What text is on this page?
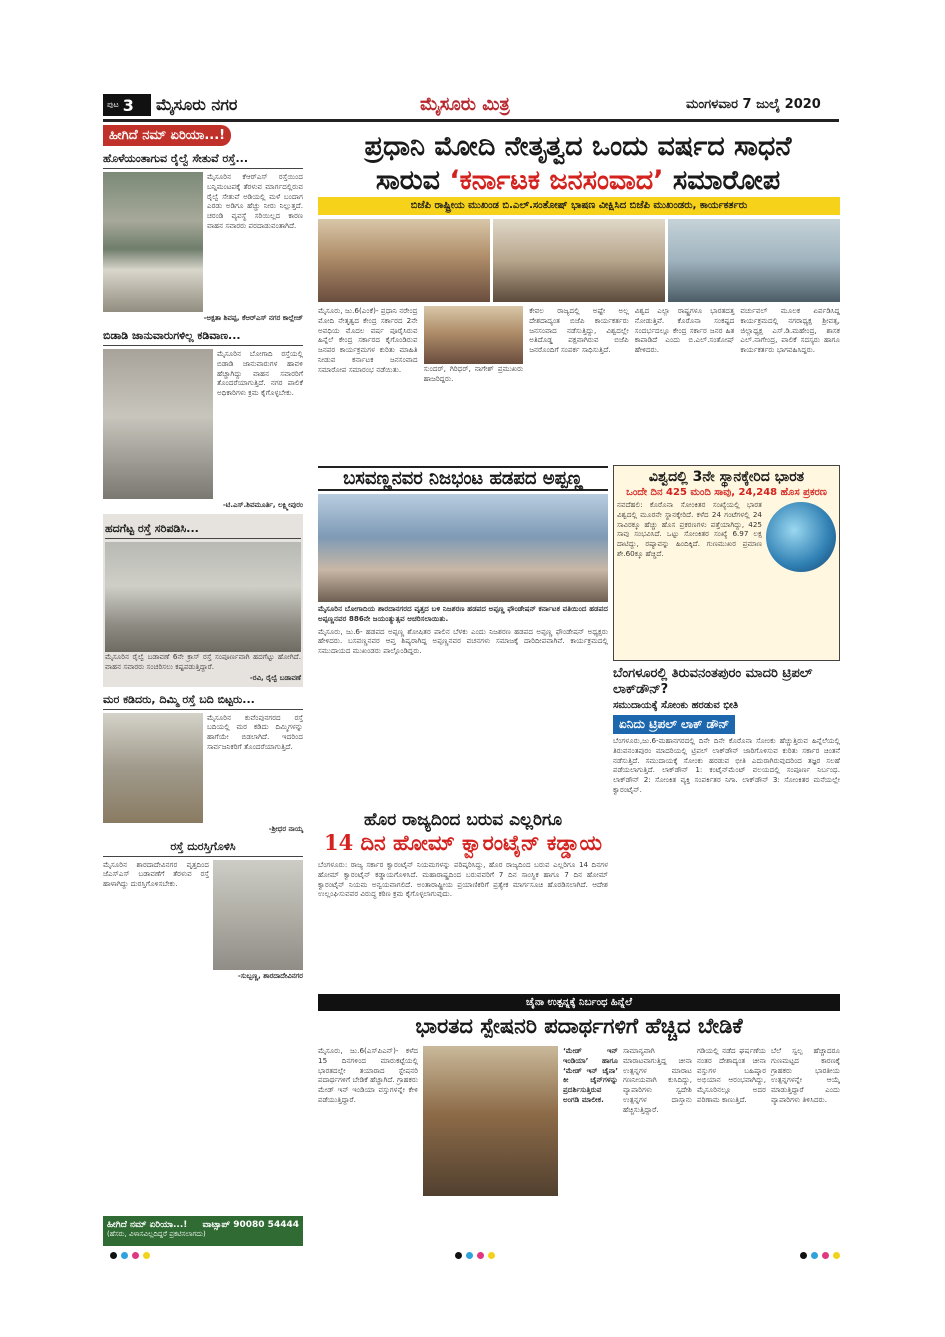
ಪುಟ 3 ಮೈಸೂರು ನಗರ	ಮೈಸೂರು ಮಿತ್ರ	ಮಂಗಳವಾರ 7 ಜುಲೈ 2020
ಹೀಗಿದೆ ನಮ್ ಏರಿಯಾ...!
ಹೊಳೆಯಂತಾಗುವ ರೈಲ್ವೆ ಸೇತುವೆ ರಸ್ತೆ...
ಮೈಸೂರಿನ ಕೆಆರ್‌ಎಸ್ ರಸ್ತೆಯಿಂದ ಬನ್ನಿಮಂಟಪಕ್ಕೆ ತೆರಳುವ ಮಾರ್ಗದಲ್ಲಿರುವ ರೈಲ್ವೆ ಸೇತುವೆ ಅಡಿಯಲ್ಲಿ ಮಳೆ ಬಂದಾಗ ಎರಡು ಅಡಿಗೂ ಹೆಚ್ಚು ನೀರು ನಿಲ್ಲುತ್ತದೆ. ಚರಂಡಿ ವ್ಯವಸ್ಥೆ ಸರಿಯಿಲ್ಲದ ಕಾರಣ ವಾಹನ ಸವಾರರು ಪರದಾಡುವಂತಾಗಿದೆ.
-ಅಕ್ಷತಾ ಶಿವಪ್ಪ, ಕೆಆರ್‌ಎಸ್ ನಗರ ಕಾಲ್ಲೇಜ್
ಬಿಡಾಡಿ ಜಾನುವಾರುಗಳಿಲ್ಲ ಕಡಿವಾಣ...
ಮೈಸೂರಿನ ಬೋಗಾದಿ ರಸ್ತೆಯಲ್ಲಿ ಬಿಡಾಡಿ ಜಾನುವಾರುಗಳ ಹಾವಳಿ ಹೆಚ್ಚಾಗಿದ್ದು ವಾಹನ ಸವಾರರಿಗೆ ತೊಂದರೆಯಾಗುತ್ತಿದೆ. ನಗರ ಪಾಲಿಕೆ ಅಧಿಕಾರಿಗಳು ಕ್ರಮ ಕೈಗೊಳ್ಳಬೇಕು.
-ಟಿ.ಎಸ್.ಶಿವಮೂರ್ತಿ, ಲಕ್ಷ್ಮೀಪುರಂ
ಹದಗೆಟ್ಟ ರಸ್ತೆ ಸರಿಪಡಿಸಿ...
ಮೈಸೂರಿನ ರೈಲ್ವೆ ಬಡಾವಣೆ 6ನೇ ಕ್ರಾಸ್ ರಸ್ತೆ ಸಂಪೂರ್ಣವಾಗಿ ಹದಗೆಟ್ಟು ಹೋಗಿದೆ. ವಾಹನ ಸವಾರರು ಸಂಚರಿಸಲು ಕಷ್ಟಪಡುತ್ತಿದ್ದಾರೆ.
-ರವಿ, ರೈಲ್ವೆ ಬಡಾವಣೆ
ಮರ ಕಡಿದರು, ದಿಮ್ಮಿ ರಸ್ತೆ ಬದಿ ಬಿಟ್ಟರು...
ಮೈಸೂರಿನ ಕುವೆಂಪುನಗರದ ರಸ್ತೆ ಬದಿಯಲ್ಲಿ ಮರ ಕಡಿದು ದಿಮ್ಮಿಗಳನ್ನು ಹಾಗೆಯೇ ಬಿಡಲಾಗಿದೆ. ಇದರಿಂದ ಸಾರ್ವಜನಿಕರಿಗೆ ತೊಂದರೆಯಾಗುತ್ತಿದೆ.
-ಶ್ರೀಧರ ನಾಯ್ಕ
ರಸ್ತೆ ದುರಸ್ತಿಗೊಳಿಸಿ
ಮೈಸೂರಿನ ಶಾರದಾದೇವಿನಗರ ವೃತ್ತದಿಂದ ಜೆಎಸ್‌ಎಸ್ ಬಡಾವಣೆಗೆ ತೆರಳುವ ರಸ್ತೆ ಹಾಳಾಗಿದ್ದು ದುರಸ್ತಿಗೊಳಿಸಬೇಕು.
-ಸುಬ್ಬಣ್ಣ, ಶಾರದಾದೇವಿನಗರ
ಹೀಗಿದೆ ನಮ್ ಏರಿಯಾ...! ವಾಟ್ಸಾಪ್ 90080 54444
(ಹೆಸರು, ವಿಳಾಸವಿಲ್ಲದಿದ್ದರೆ ಪ್ರಕಟಿಸಲಾಗದು)
ಪ್ರಧಾನಿ ಮೋದಿ ನೇತೃತ್ವದ ಒಂದು ವರ್ಷದ ಸಾಧನೆ
ಸಾರುವ ‘ಕರ್ನಾಟಕ ಜನಸಂವಾದ’ ಸಮಾರೋಪ
ಬಿಜೆಪಿ ರಾಷ್ಟ್ರೀಯ ಮುಖಂಡ ಬಿ.ಎಲ್.ಸಂತೋಷ್ ಭಾಷಣ ವೀಕ್ಷಿಸಿದ ಬಿಜೆಪಿ ಮುಖಂಡರು, ಕಾರ್ಯಕರ್ತರು
ಮೈಸೂರು, ಜು.6(ಎಂಕೆ)- ಪ್ರಧಾನಿ ನರೇಂದ್ರ ಮೋದಿ ನೇತೃತ್ವದ ಕೇಂದ್ರ ಸರ್ಕಾರದ 2ನೇ ಅವಧಿಯ ಮೊದಲ ವರ್ಷ ಪೂರೈಸಿರುವ ಹಿನ್ನೆಲೆ ಕೇಂದ್ರ ಸರ್ಕಾರದ ಕೈಗೊಂಡಿರುವ ಜನಪರ ಕಾರ್ಯಕ್ರಮಗಳ ಕುರಿತು ಮಾಹಿತಿ ನೀಡುವ ಕರ್ನಾಟಕ ಜನಸಂವಾದ ಸಮಾರೋಪ ಸಮಾರಂಭ ನಡೆಯಿತು.	ಸುಂದರ್, ಗಿರಿಧರ್, ನಾಗೇಶ್ ಪ್ರಮುಖರು ಹಾಜರಿದ್ದರು.
ಕೇವಲ ರಾಜ್ಯದಲ್ಲಿ ಅಷ್ಟೇ ಅಲ್ಲ ದೇಶದಾದ್ಯಂತ ಬಿಜೆಪಿ ಕಾರ್ಯಕರ್ತರು ಜನಸಂವಾದ ನಡೆಸುತ್ತಿದ್ದು, ವಿಶ್ವದಲ್ಲೇ ಅತಿದೊಡ್ಡ ಪಕ್ಷವಾಗಿರುವ ಬಿಜೆಪಿ ಜನರೊಂದಿಗೆ ಸಂಪರ್ಕ ಸಾಧಿಸುತ್ತಿದೆ.
ವಿಶ್ವದ ಎಲ್ಲಾ ರಾಷ್ಟ್ರಗಳೂ ಭಾರತದತ್ತ ನೋಡುತ್ತಿವೆ. ಕೊರೊನಾ ಸಂಕಷ್ಟದ ಸಂದರ್ಭದಲ್ಲೂ ಕೇಂದ್ರ ಸರ್ಕಾರ ಜನರ ಹಿತ ಕಾಪಾಡಿದೆ ಎಂದು ಬಿ.ಎಲ್.ಸಂತೋಷ್ ಹೇಳಿದರು.
ವರ್ಚುವಲ್ ಮೂಲಕ ಏರ್ಪಡಿಸಿದ್ದ ಕಾರ್ಯಕ್ರಮದಲ್ಲಿ ನಗರಾಧ್ಯಕ್ಷ ಶ್ರೀವತ್ಸ, ಜಿಲ್ಲಾಧ್ಯಕ್ಷ ಎಸ್.ಡಿ.ಮಹೇಂದ್ರ, ಶಾಸಕ ಎಲ್.ನಾಗೇಂದ್ರ, ಪಾಲಿಕೆ ಸದಸ್ಯರು ಹಾಗೂ ಕಾರ್ಯಕರ್ತರು ಭಾಗವಹಿಸಿದ್ದರು.
ಬಸವಣ್ಣನವರ ನಿಜಭಂಟ ಹಡಪದ ಅಪ್ಪಣ್ಣ
ಮೈಸೂರಿನ ಬೋಗಾದಿಯ ಶಾರದಾನಗರದ ವೃತ್ತದ ಬಳಿ ನಿಜಶರಣ ಹಡಪದ ಅಪ್ಪಣ್ಣ ಫೌಂಡೇಷನ್ ಕರ್ನಾಟಕ ವತಿಯಿಂದ ಹಡಪದ ಅಪ್ಪಣ್ಣನವರ 886ನೇ ಜಯಂತ್ಯುತ್ಸವ ಆಚರಿಸಲಾಯಿತು.
ಮೈಸೂರು, ಜು.6- ಹಡಪದ ಅಪ್ಪಣ್ಣ ಶೋಷಿತರ ಪಾಲಿನ ಬೆಳಕು ಎಂದು ನಿಜಶರಣ ಹಡಪದ ಅಪ್ಪಣ್ಣ ಫೌಂಡೇಷನ್ ಅಧ್ಯಕ್ಷರು ಹೇಳಿದರು. ಬಸವಣ್ಣನವರ ಆಪ್ತ ಶಿಷ್ಯರಾಗಿದ್ದ ಅಪ್ಪಣ್ಣನವರ ವಚನಗಳು ಸಮಾಜಕ್ಕೆ ದಾರಿದೀಪವಾಗಿವೆ. ಕಾರ್ಯಕ್ರಮದಲ್ಲಿ ಸಮುದಾಯದ ಮುಖಂಡರು ಪಾಲ್ಗೊಂಡಿದ್ದರು.
ವಿಶ್ವದಲ್ಲಿ 3ನೇ ಸ್ಥಾನಕ್ಕೇರಿದ ಭಾರತ
ಒಂದೇ ದಿನ 425 ಮಂದಿ ಸಾವು, 24,248 ಹೊಸ ಪ್ರಕರಣ
ನವದೆಹಲಿ: ಕೊರೊನಾ ಸೋಂಕಿತರ ಸಂಖ್ಯೆಯಲ್ಲಿ ಭಾರತ ವಿಶ್ವದಲ್ಲಿ ಮೂರನೇ ಸ್ಥಾನಕ್ಕೇರಿದೆ. ಕಳೆದ 24 ಗಂಟೆಗಳಲ್ಲಿ 24 ಸಾವಿರಕ್ಕೂ ಹೆಚ್ಚು ಹೊಸ ಪ್ರಕರಣಗಳು ಪತ್ತೆಯಾಗಿದ್ದು, 425 ಸಾವು ಸಂಭವಿಸಿದೆ. ಒಟ್ಟು ಸೋಂಕಿತರ ಸಂಖ್ಯೆ 6.97 ಲಕ್ಷ ದಾಟಿದ್ದು, ರಷ್ಯಾವನ್ನು ಹಿಂದಿಕ್ಕಿದೆ. ಗುಣಮುಖರ ಪ್ರಮಾಣ ಶೇ.60ಕ್ಕೂ ಹೆಚ್ಚಿದೆ.
ಬೆಂಗಳೂರಲ್ಲಿ ತಿರುವನಂತಪುರಂ ಮಾದರಿ ಟ್ರಿಪಲ್ ಲಾಕ್‌ಡೌನ್?
ಸಮುದಾಯಕ್ಕೆ ಸೋಂಕು ಹರಡುವ ಭೀತಿ
ಏನಿದು ಟ್ರಿಪಲ್ ಲಾಕ್ ಡೌನ್
ಬೆಂಗಳೂರು,ಜು.6-ಮಹಾನಗರದಲ್ಲಿ ದಿನೇ ದಿನೇ ಕೊರೊನಾ ಸೋಂಕು ಹೆಚ್ಚುತ್ತಿರುವ ಹಿನ್ನೆಲೆಯಲ್ಲಿ ತಿರುವನಂತಪುರಂ ಮಾದರಿಯಲ್ಲಿ ಟ್ರಿಪಲ್ ಲಾಕ್‌ಡೌನ್ ಜಾರಿಗೊಳಿಸುವ ಕುರಿತು ಸರ್ಕಾರ ಚಿಂತನೆ ನಡೆಸುತ್ತಿದೆ. ಸಮುದಾಯಕ್ಕೆ ಸೋಂಕು ಹರಡುವ ಭೀತಿ ಎದುರಾಗಿರುವುದರಿಂದ ತಜ್ಞರ ಸಲಹೆ ಪಡೆಯಲಾಗುತ್ತಿದೆ. ಲಾಕ್‌ಡೌನ್ 1: ಕಂಟೈನ್‌ಮೆಂಟ್ ವಲಯದಲ್ಲಿ ಸಂಪೂರ್ಣ ನಿರ್ಬಂಧ. ಲಾಕ್‌ಡೌನ್ 2: ಸೋಂಕಿತ ವ್ಯಕ್ತಿ ಸಂಪರ್ಕಿತರ ನಿಗಾ. ಲಾಕ್‌ಡೌನ್ 3: ಸೋಂಕಿತರ ಮನೆಯಲ್ಲೇ ಕ್ವಾರಂಟೈನ್.
ಹೊರ ರಾಜ್ಯದಿಂದ ಬರುವ ಎಲ್ಲರಿಗೂ
14 ದಿನ ಹೋಮ್ ಕ್ವಾರಂಟೈನ್ ಕಡ್ಡಾಯ
ಬೆಂಗಳೂರು: ರಾಜ್ಯ ಸರ್ಕಾರ ಕ್ವಾರಂಟೈನ್ ನಿಯಮಗಳನ್ನು ಪರಿಷ್ಕರಿಸಿದ್ದು, ಹೊರ ರಾಜ್ಯದಿಂದ ಬರುವ ಎಲ್ಲರಿಗೂ 14 ದಿನಗಳ ಹೋಮ್ ಕ್ವಾರಂಟೈನ್ ಕಡ್ಡಾಯಗೊಳಿಸಿದೆ. ಮಹಾರಾಷ್ಟ್ರದಿಂದ ಬರುವವರಿಗೆ 7 ದಿನ ಸಾಂಸ್ಥಿಕ ಹಾಗೂ 7 ದಿನ ಹೋಮ್ ಕ್ವಾರಂಟೈನ್ ನಿಯಮ ಅನ್ವಯವಾಗಲಿದೆ. ಅಂತಾರಾಷ್ಟ್ರೀಯ ಪ್ರಯಾಣಿಕರಿಗೆ ಪ್ರತ್ಯೇಕ ಮಾರ್ಗಸೂಚಿ ಹೊರಡಿಸಲಾಗಿದೆ. ಆದೇಶ ಉಲ್ಲಂಘಿಸುವವರ ವಿರುದ್ಧ ಕಠಿಣ ಕ್ರಮ ಕೈಗೊಳ್ಳಲಾಗುವುದು.
ಚೈನಾ ಉತ್ಪನ್ನಕ್ಕೆ ನಿರ್ಬಂಧ ಹಿನ್ನೆಲೆ
ಭಾರತದ ಸ್ಪೇಷನರಿ ಪದಾರ್ಥಗಳಿಗೆ ಹೆಚ್ಚಿದ ಬೇಡಿಕೆ
ಮೈಸೂರು, ಜು.6(ಎಸ್‌ಪಿಎನ್)- ಕಳೆದ 15 ದಿನಗಳಿಂದ ಮಾರುಕಟ್ಟೆಯಲ್ಲಿ ಭಾರತದಲ್ಲೇ ತಯಾರಾದ ಸ್ಟೇಷನರಿ ಪದಾರ್ಥಗಳಿಗೆ ಬೇಡಿಕೆ ಹೆಚ್ಚಾಗಿದೆ. ಗ್ರಾಹಕರು ಮೇಡ್ ಇನ್ ಇಂಡಿಯಾ ವಸ್ತುಗಳನ್ನೇ ಕೇಳಿ ಪಡೆಯುತ್ತಿದ್ದಾರೆ.
‘ಮೇಡ್ ಇನ್ ಇಂಡಿಯಾ’ ಹಾಗೂ ‘ಮೇಡ್ ಇನ್ ಚೈನಾ’ ಕೀ ಚೈನ್‌ಗಳನ್ನು ಪ್ರದರ್ಶಿಸುತ್ತಿರುವ ಅಂಗಡಿ ಮಾಲೀಕ.
ಸಾಮಾನ್ಯವಾಗಿ ಮಾರಾಟವಾಗುತ್ತಿದ್ದ ಚೀನಾ ಉತ್ಪನ್ನಗಳ ಮಾರಾಟ ಗಣನೀಯವಾಗಿ ಕುಸಿದಿದ್ದು, ವ್ಯಾಪಾರಿಗಳು ಸ್ವದೇಶಿ ಉತ್ಪನ್ನಗಳ ದಾಸ್ತಾನು ಹೆಚ್ಚಿಸುತ್ತಿದ್ದಾರೆ.
ಗಡಿಯಲ್ಲಿ ನಡೆದ ಘರ್ಷಣೆಯ ನಂತರ ದೇಶಾದ್ಯಂತ ಚೀನಾ ವಸ್ತುಗಳ ಬಹಿಷ್ಕಾರ ಅಭಿಯಾನ ಆರಂಭವಾಗಿದ್ದು, ಮೈಸೂರಿನಲ್ಲೂ ಅದರ ಪರಿಣಾಮ ಕಾಣುತ್ತಿದೆ.
ಬೆಲೆ ಸ್ವಲ್ಪ ಹೆಚ್ಚಾದರೂ ಗುಣಮಟ್ಟದ ಕಾರಣಕ್ಕೆ ಗ್ರಾಹಕರು ಭಾರತೀಯ ಉತ್ಪನ್ನಗಳನ್ನೇ ಆಯ್ಕೆ ಮಾಡುತ್ತಿದ್ದಾರೆ ಎಂದು ವ್ಯಾಪಾರಿಗಳು ತಿಳಿಸಿದರು.
